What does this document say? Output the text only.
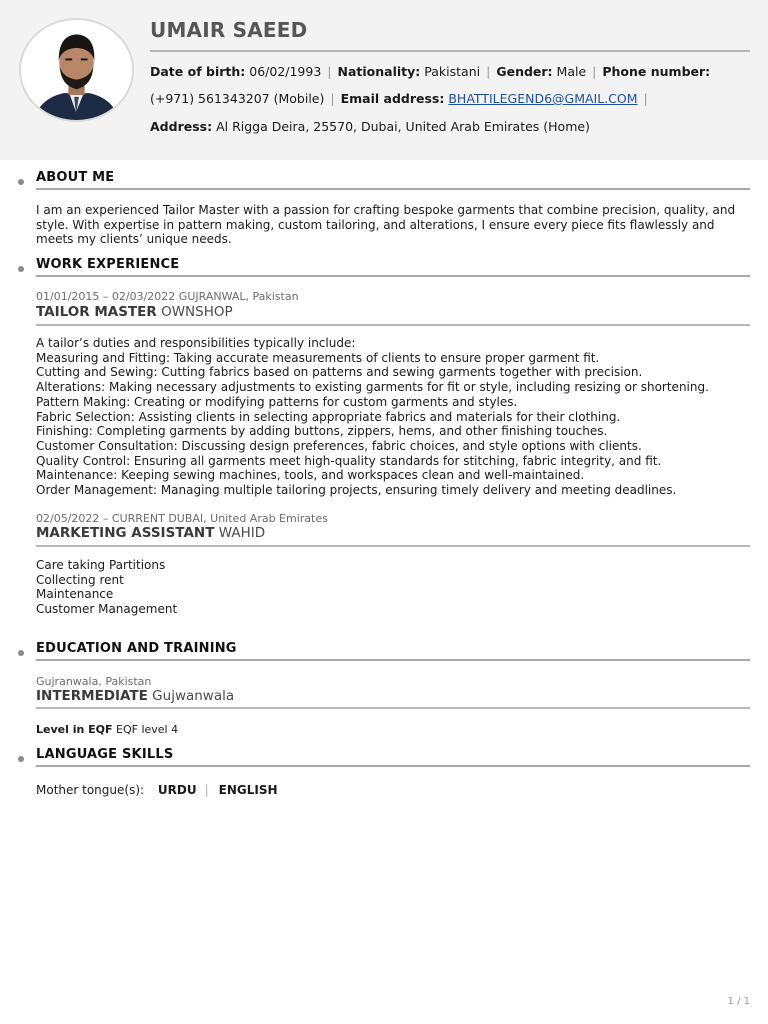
UMAIR SAEED
Date of birth: 06/02/1993 | Nationality: Pakistani | Gender: Male | Phone number:
(+971) 561343207 (Mobile) | Email address: BHATTILEGEND6@GMAIL.COM |
Address: Al Rigga Deira, 25570, Dubai, United Arab Emirates (Home)
ABOUT ME
I am an experienced Tailor Master with a passion for crafting bespoke garments that combine precision, quality, and style. With expertise in pattern making, custom tailoring, and alterations, I ensure every piece fits flawlessly and meets my clients’ unique needs.
WORK EXPERIENCE
01/01/2015 – 02/03/2022 GUJRANWAL, Pakistan
TAILOR MASTER OWNSHOP
A tailor’s duties and responsibilities typically include:
Measuring and Fitting: Taking accurate measurements of clients to ensure proper garment fit.
Cutting and Sewing: Cutting fabrics based on patterns and sewing garments together with precision.
Alterations: Making necessary adjustments to existing garments for fit or style, including resizing or shortening.
Pattern Making: Creating or modifying patterns for custom garments and styles.
Fabric Selection: Assisting clients in selecting appropriate fabrics and materials for their clothing.
Finishing: Completing garments by adding buttons, zippers, hems, and other finishing touches.
Customer Consultation: Discussing design preferences, fabric choices, and style options with clients.
Quality Control: Ensuring all garments meet high-quality standards for stitching, fabric integrity, and fit.
Maintenance: Keeping sewing machines, tools, and workspaces clean and well-maintained.
Order Management: Managing multiple tailoring projects, ensuring timely delivery and meeting deadlines.
02/05/2022 – CURRENT DUBAI, United Arab Emirates
MARKETING ASSISTANT WAHID
Care taking Partitions
Collecting rent
Maintenance
Customer Management
EDUCATION AND TRAINING
Gujranwala, Pakistan
INTERMEDIATE Gujwanwala
Level in EQF EQF level 4
LANGUAGE SKILLS
Mother tongue(s): URDU | ENGLISH
1 / 1
